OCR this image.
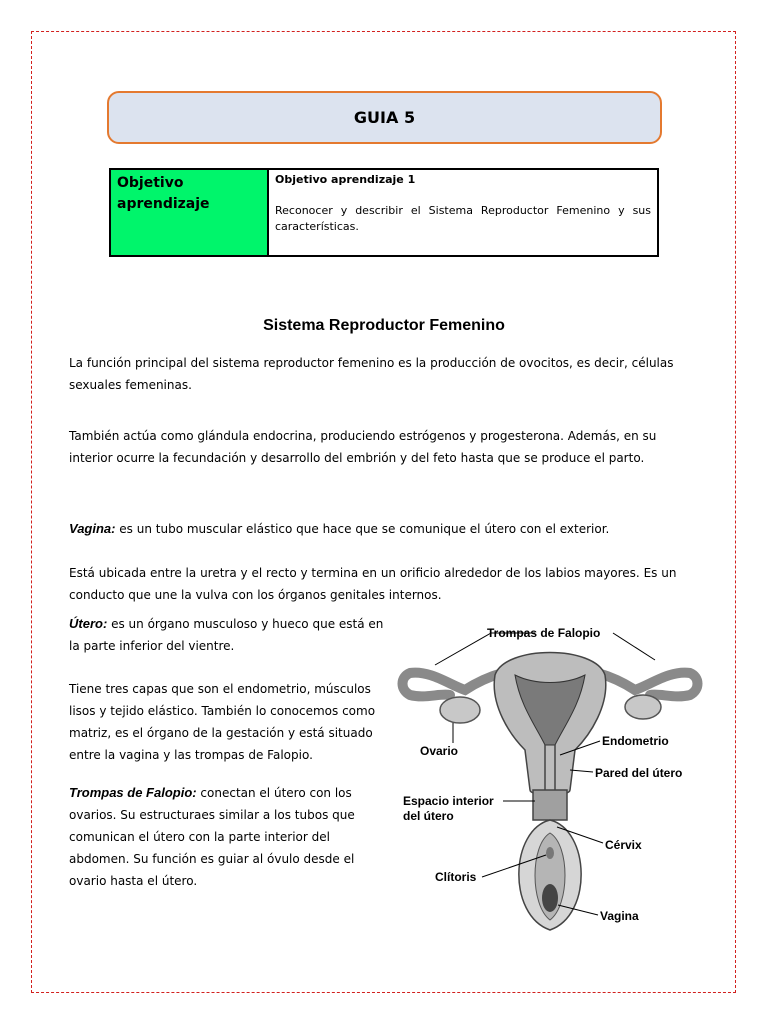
GUIA 5
Objetivo aprendizaje
Objetivo aprendizaje 1
Reconocer y describir el Sistema Reproductor Femenino y sus características.
Sistema Reproductor Femenino
La función principal del sistema reproductor femenino es la producción de ovocitos, es decir, células sexuales femeninas.
También actúa como glándula endocrina, produciendo estrógenos y progesterona. Además, en su interior ocurre la fecundación y desarrollo del embrión y del feto hasta que se produce el parto.
Vagina: es un tubo muscular elástico que hace que se comunique el útero con el exterior.
Está ubicada entre la uretra y el recto y termina en un orificio alrededor de los labios mayores. Es un conducto que une la vulva con los órganos genitales internos.
Útero: es un órgano musculoso y hueco que está en la parte inferior del vientre.
Tiene tres capas que son el endometrio, músculos lisos y tejido elástico. También lo conocemos como matriz, es el órgano de la gestación y está situado entre la vagina y las trompas de Falopio.
Trompas de Falopio: conectan el útero con los ovarios. Su estructuraes similar a los tubos que comunican el útero con la parte interior del abdomen. Su función es guiar al óvulo desde el ovario hasta el útero.
Trompas de Falopio
Ovario
Endometrio
Pared del útero
Espacio interior
del útero
Cérvix
Clítoris
Vagina
